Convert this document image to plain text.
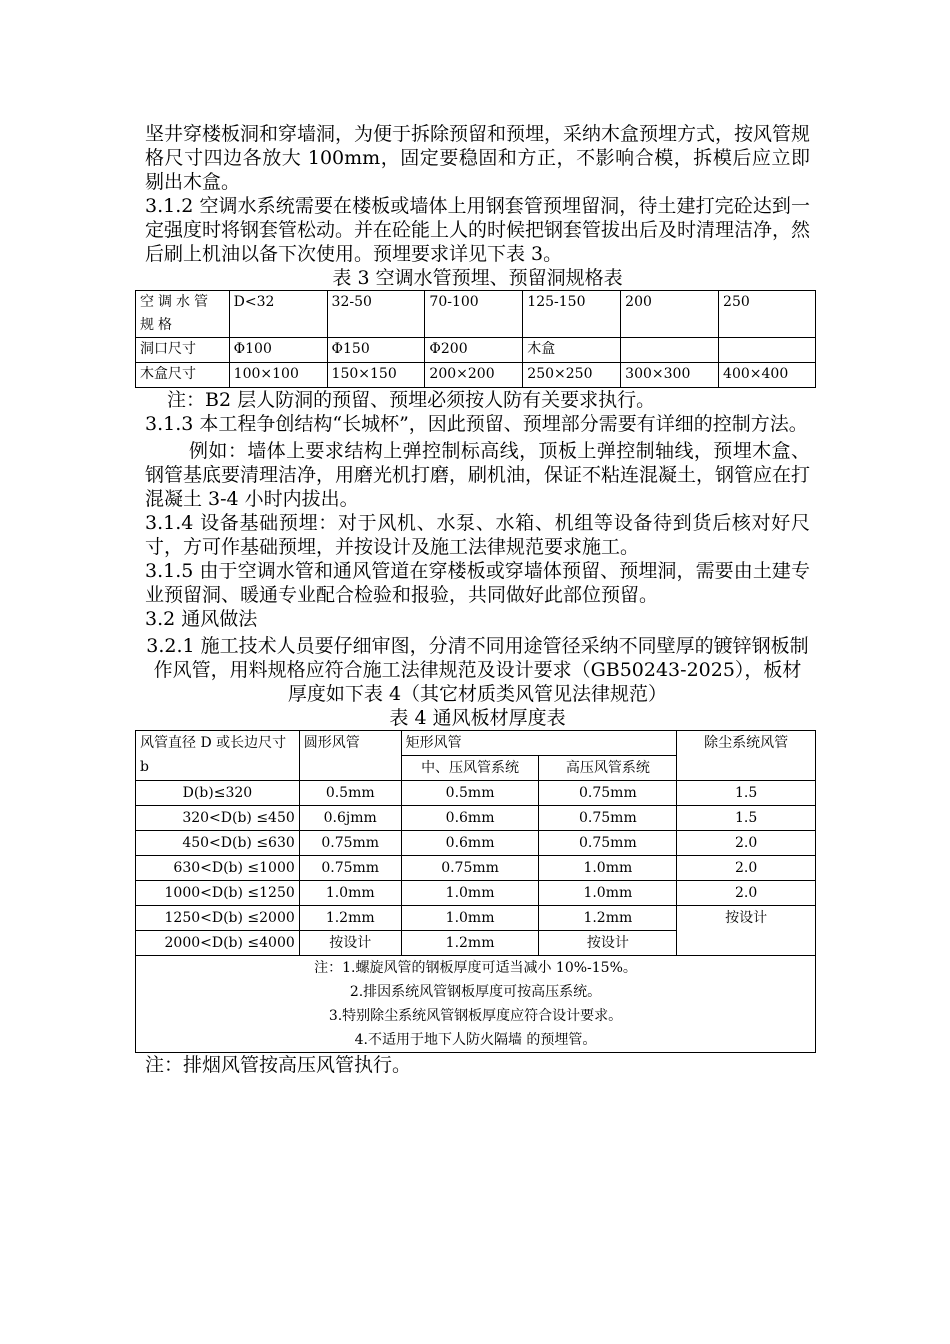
坚井穿楼板洞和穿墙洞，为便于拆除预留和预埋，采纳木盒预埋方式，按风管规格尺寸四边各放大 100mm，固定要稳固和方正，不影响合模，拆模后应立即剔出木盒。

3.1.2 空调水系统需要在楼板或墙体上用钢套管预埋留洞，待土建打完砼达到一定强度时将钢套管松动。并在砼能上人的时候把钢套管拔出后及时清理洁净，然后刷上机油以备下次使用。预埋要求详见下表 3。

表 3 空调水管预埋、预留洞规格表

空调水管规格	D<32	32-50	70-100	125-150	200	250
洞口尺寸	Φ100	Φ150	Φ200	木盒		
木盒尺寸	100×100	150×150	200×200	250×250	300×300	400×400

注：B2 层人防洞的预留、预埋必须按人防有关要求执行。

3.1.3 本工程争创结构“长城杯”，因此预留、预埋部分需要有详细的控制方法。

例如：墙体上要求结构上弹控制标高线，顶板上弹控制轴线，预埋木盒、钢管基底要清理洁净，用磨光机打磨，刷机油，保证不粘连混凝土，钢管应在打混凝土 3-4 小时内拔出。

3.1.4 设备基础预埋：对于风机、水泵、水箱、机组等设备待到货后核对好尺寸，方可作基础预埋，并按设计及施工法律规范要求施工。

3.1.5 由于空调水管和通风管道在穿楼板或穿墙体预留、预埋洞，需要由土建专业预留洞、暖通专业配合检验和报验，共同做好此部位预留。

3.2 通风做法

3.2.1 施工技术人员要仔细审图，分清不同用途管径采纳不同壁厚的镀锌钢板制作风管，用料规格应符合施工法律规范及设计要求（GB50243-2025），板材厚度如下表 4（其它材质类风管见法律规范）

表 4 通风板材厚度表

风管直径 D 或长边尺寸 b	圆形风管	矩形风管		除尘系统风管
		中、压风管系统	高压风管系统	
D(b)≤320	0.5mm	0.5mm	0.75mm	1.5
320<D(b) ≤450	0.6jmm	0.6mm	0.75mm	1.5
450<D(b) ≤630	0.75mm	0.6mm	0.75mm	2.0
630<D(b) ≤1000	0.75mm	0.75mm	1.0mm	2.0
1000<D(b) ≤1250	1.0mm	1.0mm	1.0mm	2.0
1250<D(b) ≤2000	1.2mm	1.0mm	1.2mm	按设计
2000<D(b) ≤4000	按设计	1.2mm	按设计	

注：1.螺旋风管的钢板厚度可适当减小 10%-15%。
2.排因系统风管钢板厚度可按高压系统。
3.特别除尘系统风管钢板厚度应符合设计要求。
4.不适用于地下人防火隔墙 的预埋管。				

注：排烟风管按高压风管执行。
